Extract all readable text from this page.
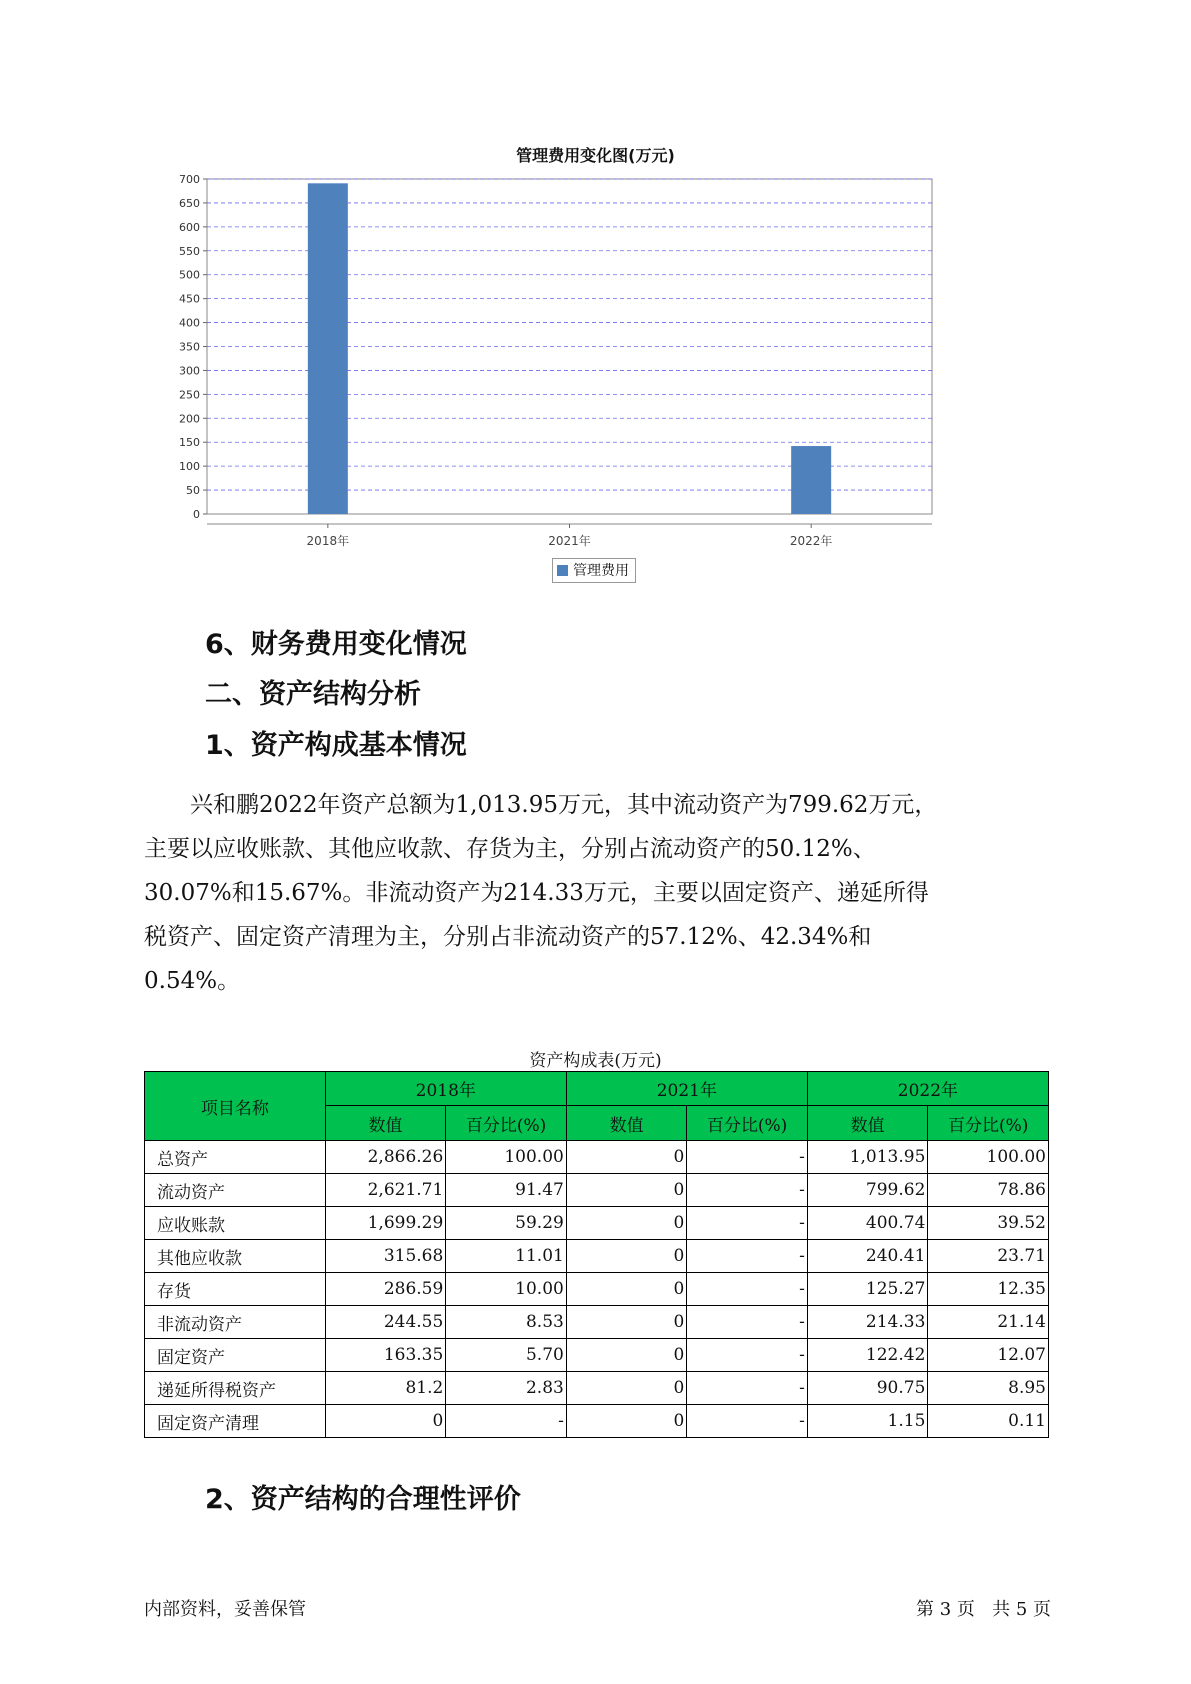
管理费用变化图(万元)
0
50
100
150
200
250
300
350
400
450
500
550
600
650
700
2018年	2021年	2022年
管理费用
6、财务费用变化情况
二、资产结构分析
1、资产构成基本情况
兴和鹏2022年资产总额为1,013.95万元，其中流动资产为799.62万元，
主要以应收账款、其他应收款、存货为主，分别占流动资产的50.12%、
30.07%和15.67%。非流动资产为214.33万元，主要以固定资产、递延所得
税资产、固定资产清理为主，分别占非流动资产的57.12%、42.34%和
0.54%。
资产构成表(万元)
项目名称	2018年		2021年		2022年	
	数值	百分比(%)	数值	百分比(%)	数值	百分比(%)
总资产	2,866.26	100.00	0	-	1,013.95	100.00
流动资产	2,621.71	91.47	0	-	799.62	78.86
应收账款	1,699.29	59.29	0	-	400.74	39.52
其他应收款	315.68	11.01	0	-	240.41	23.71
存货	286.59	10.00	0	-	125.27	12.35
非流动资产	244.55	8.53	0	-	214.33	21.14
固定资产	163.35	5.70	0	-	122.42	12.07
递延所得税资产	81.2	2.83	0	-	90.75	8.95
固定资产清理	0	-	0	-	1.15	0.11
2、资产结构的合理性评价
内部资料，妥善保管	第 3 页   共 5 页
